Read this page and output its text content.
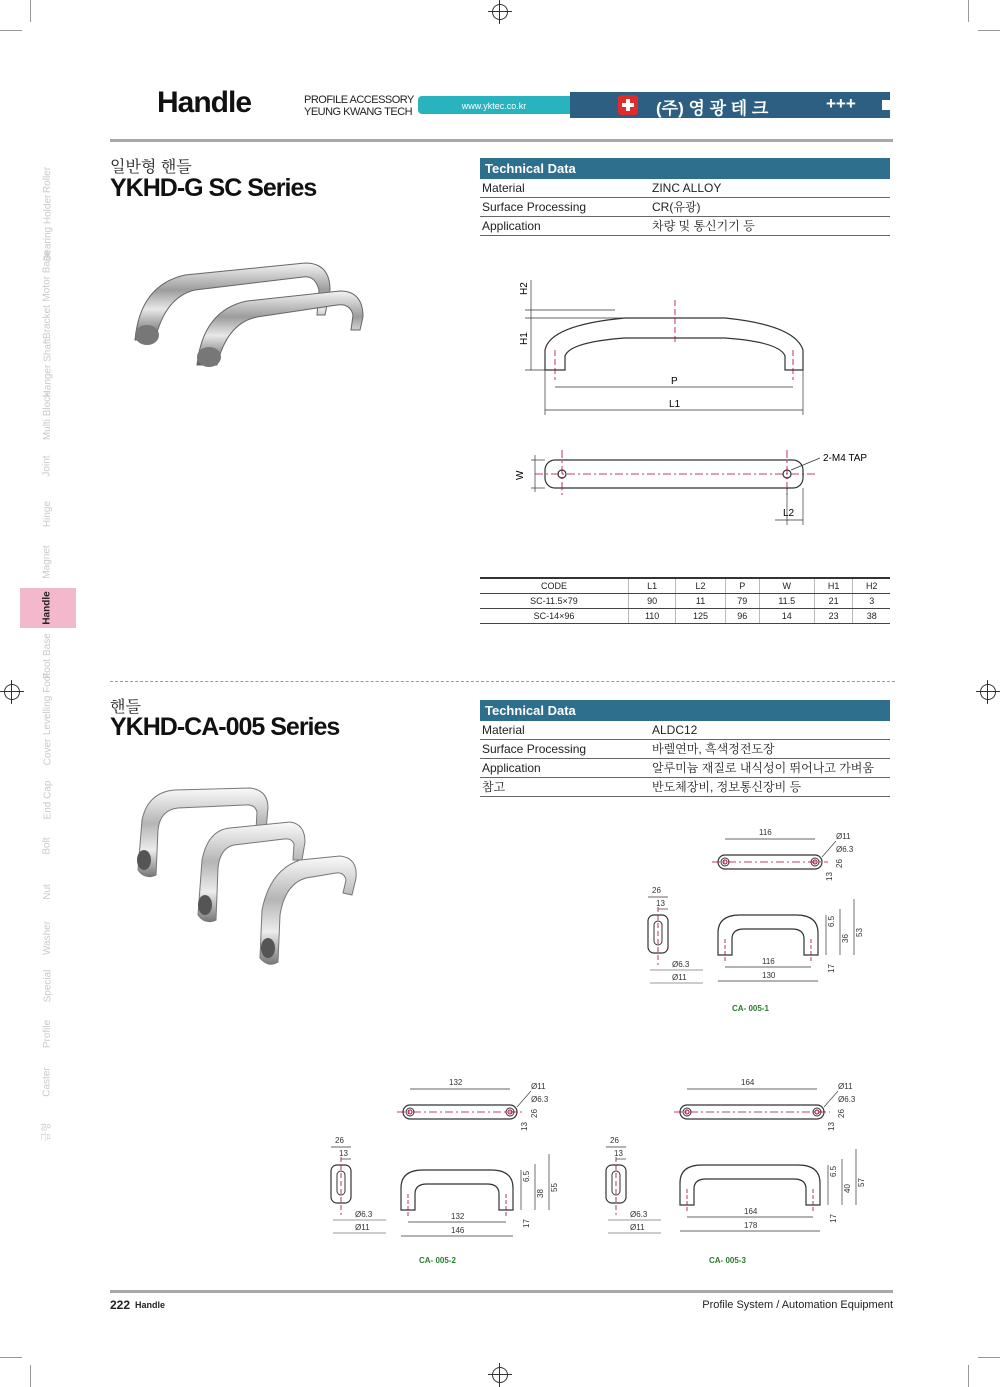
Handle	PROFILE ACCESSORY
YEUNG KWANG TECH	www.yktec.co.kr	(주) 영 광 테 크	+++
Roller
Bearing Holder
Motor Base
Bracket
Hanger Shaft
Multi Block
Joint
Hinge
Magnet
Handle
Foot Base
Levelling Foot
Cover
End Cap
Bolt
Nut
Washer
Special
Profile
Caster
금형
일반형 핸들
YKHD-G SC Series
Technical Data
Material	ZINC ALLOY
Surface Processing	CR(유광)
Application	차량 및 통신기기 등
H2
H1
P
L1
W
L2
2-M4 TAP
CODE	L1	L2	P	W	H1	H2
SC-11.5×79	90	11	79	11.5	21	3
SC-14×96	110	125	96	14	23	38
핸들
YKHD-CA-005 Series
Technical Data
Material	ALDC12
Surface Processing	바렐연마, 흑색정전도장
Application	알루미늄 재질로 내식성이 뛰어나고 가벼움
참고	반도체장비, 정보통신장비 등
26
13
Ø6.3
Ø11
116	Ø11
Ø6.3
26
13
116
130
6.5
36
53
17
CA- 005-1
26
13
Ø6.3
Ø11
132	Ø11
Ø6.3
26
13
132
146
6.5
38
55
17
CA- 005-2
26
13
Ø6.3
Ø11
164	Ø11
Ø6.3
26
13
164
178
6.5
40
57
17
CA- 005-3
222 Handle	Profile System / Automation Equipment
